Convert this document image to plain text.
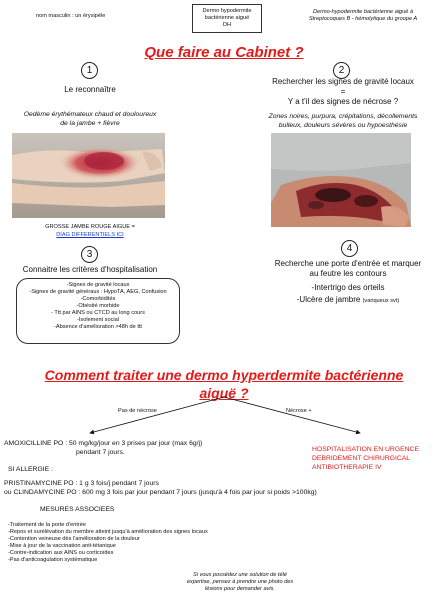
nom masculin : un érysipèle
Dermo hypodermite
bactérienne aiguë
DH
Dermo-hypodermite bactérienne aiguë à
Streptocoques B - hémolytique du groupe A
Que faire au Cabinet ?
1
Le reconnaître
Oedème érythémateux chaud et douloureux
de la jambe + fièvre
GROSSE JAMBE ROUGE AIGUE =
DIAG DIFFERENTIELS ICI
2
Rechercher les signes de gravité locaux
=
Y a t'il des signes de nécrose ?
Zones noires, purpura, crépitations, décollements
bulleux, douleurs sévères ou hypoesthésie
3
Connaitre les critères d'hospitalisation
-Signes de gravité locaux
-Signes de gravité généraux : HypoTA, AEG, Confusion
-Comorbidités
-Obésité morbide
- Ttt par AINS ou CTCD au long cours
-Isolement social
-Absence d'amélioration >48h de ttt
4
Recherche une porte d'entrée et marquer
au feutre les contours
-Intertrigo des orteils
-Ulcère de jambre (variqueux svt)
Comment traiter une dermo hyperdermite bactérienne
aiguë ?
Pas de nécrose	Nécrose +
AMOXICILLINE PO : 50 mg/kg/jour en 3 prises par jour (max 6g/j)
pendant 7 jours.	HOSPITALISATION EN URGENCE
DEBRIDEMENT CHIRURGICAL
ANTIBIOTHERAPIE IV
SI ALLERGIE :
PRISTINAMYCINE PO : 1 g 3 fois/j pendant 7 jours
ou CLINDAMYCINE PO : 600 mg 3 fois par jour pendant 7 jours (jusqu'à 4 fois par jour si poids >100kg)
MESURES ASSOCIEES
-Traitement de la porte d'entrée
-Repos et surélévation du membre atteint jusqu'à amélioration des signes locaux
-Contention veineuse dès l'amélioration de la douleur
-Mise à jour de la vaccination anti-tétanique
-Contre-indication aux AINS ou corticoïdes
-Pas d'anticoagulation systématique
Si vous possédez une solution de télé
expertise, pensez à prendre une photo des
lésions pour demander avis.
